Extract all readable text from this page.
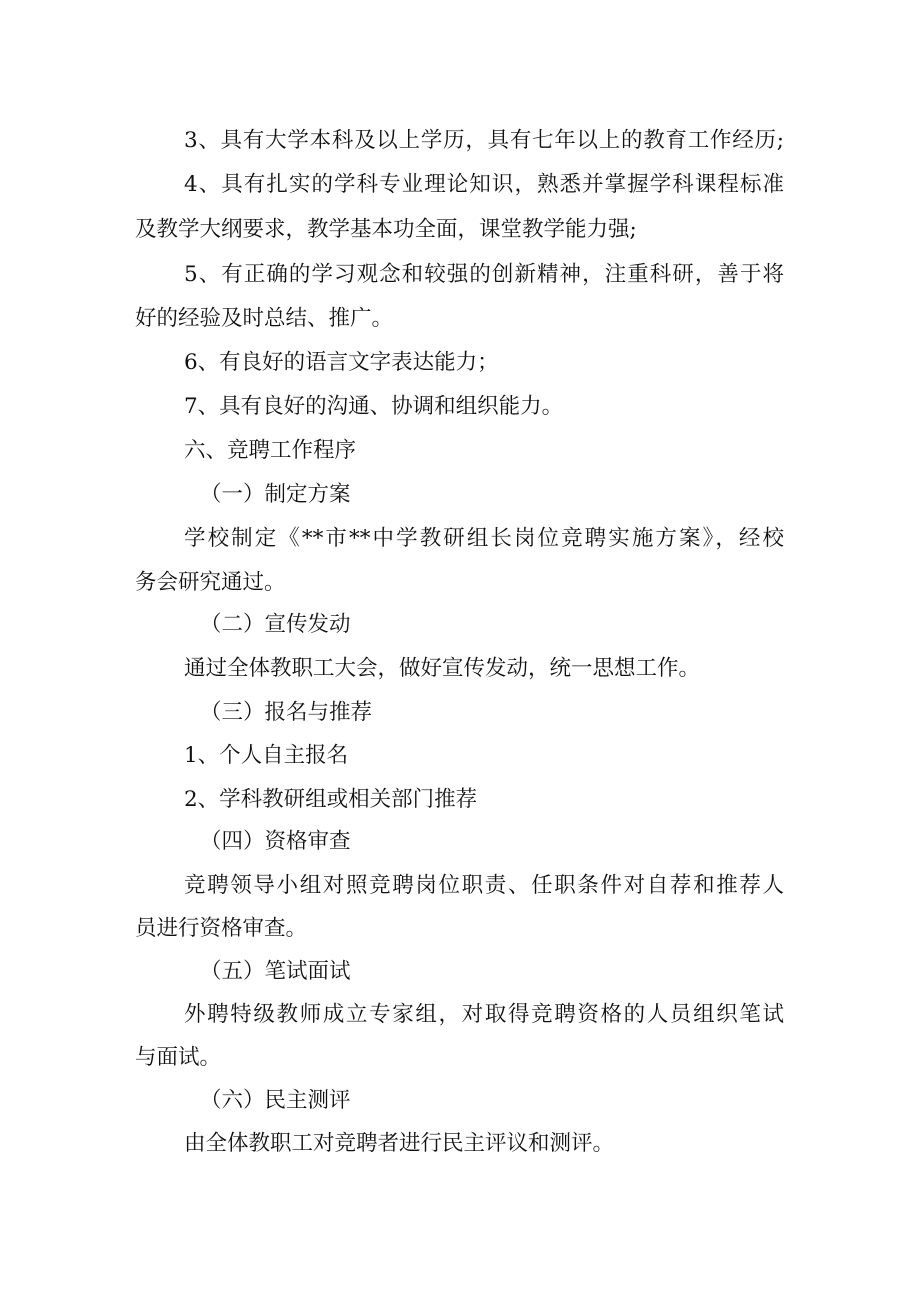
3、具有大学本科及以上学历，具有七年以上的教育工作经历;
4、具有扎实的学科专业理论知识，熟悉并掌握学科课程标准
及教学大纲要求，教学基本功全面，课堂教学能力强;
5、有正确的学习观念和较强的创新精神，注重科研，善于将
好的经验及时总结、推广。
6、有良好的语言文字表达能力；
7、具有良好的沟通、协调和组织能力。
六、竞聘工作程序
（一）制定方案
学校制定《**市**中学教研组长岗位竞聘实施方案》，经校
务会研究通过。
（二）宣传发动
通过全体教职工大会，做好宣传发动，统一思想工作。
（三）报名与推荐
1、个人自主报名
2、学科教研组或相关部门推荐
（四）资格审查
竞聘领导小组对照竞聘岗位职责、任职条件对自荐和推荐人
员进行资格审查。
（五）笔试面试
外聘特级教师成立专家组，对取得竞聘资格的人员组织笔试
与面试。
（六）民主测评
由全体教职工对竞聘者进行民主评议和测评。
